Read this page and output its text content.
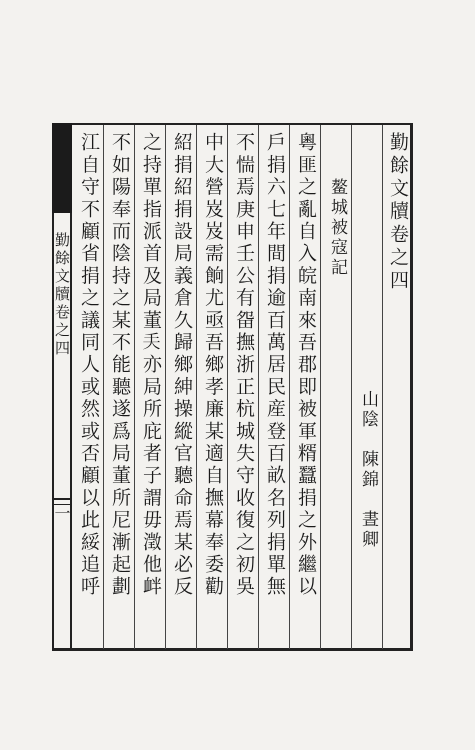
勤餘文牘卷之四
一
勤餘文牘卷之四
山陰　陳錦　晝卿
鳌城被寇記
粵匪之亂自入皖南來吾郡即被軍糈蠶捐之外繼以
戶捐六七年間捐逾百萬居民産登百畝名列捐單無
不惴焉庚申壬公有㽜撫浙正杭城失守收復之初吳
中大營岌岌需餉尤亟吾鄉孝廉某適自撫幕奉委勸
紹捐紹捐設局義倉久歸鄉紳操縱官聽命焉某必反
之持單指派首及局董𠂕亦局所庇者子謂毋澂他衅
不如陽奉而陰持之某不能聽遂爲局董所尼漸起劃
江自守不顧省捐之議同人或然或否顧以此綏追呼
